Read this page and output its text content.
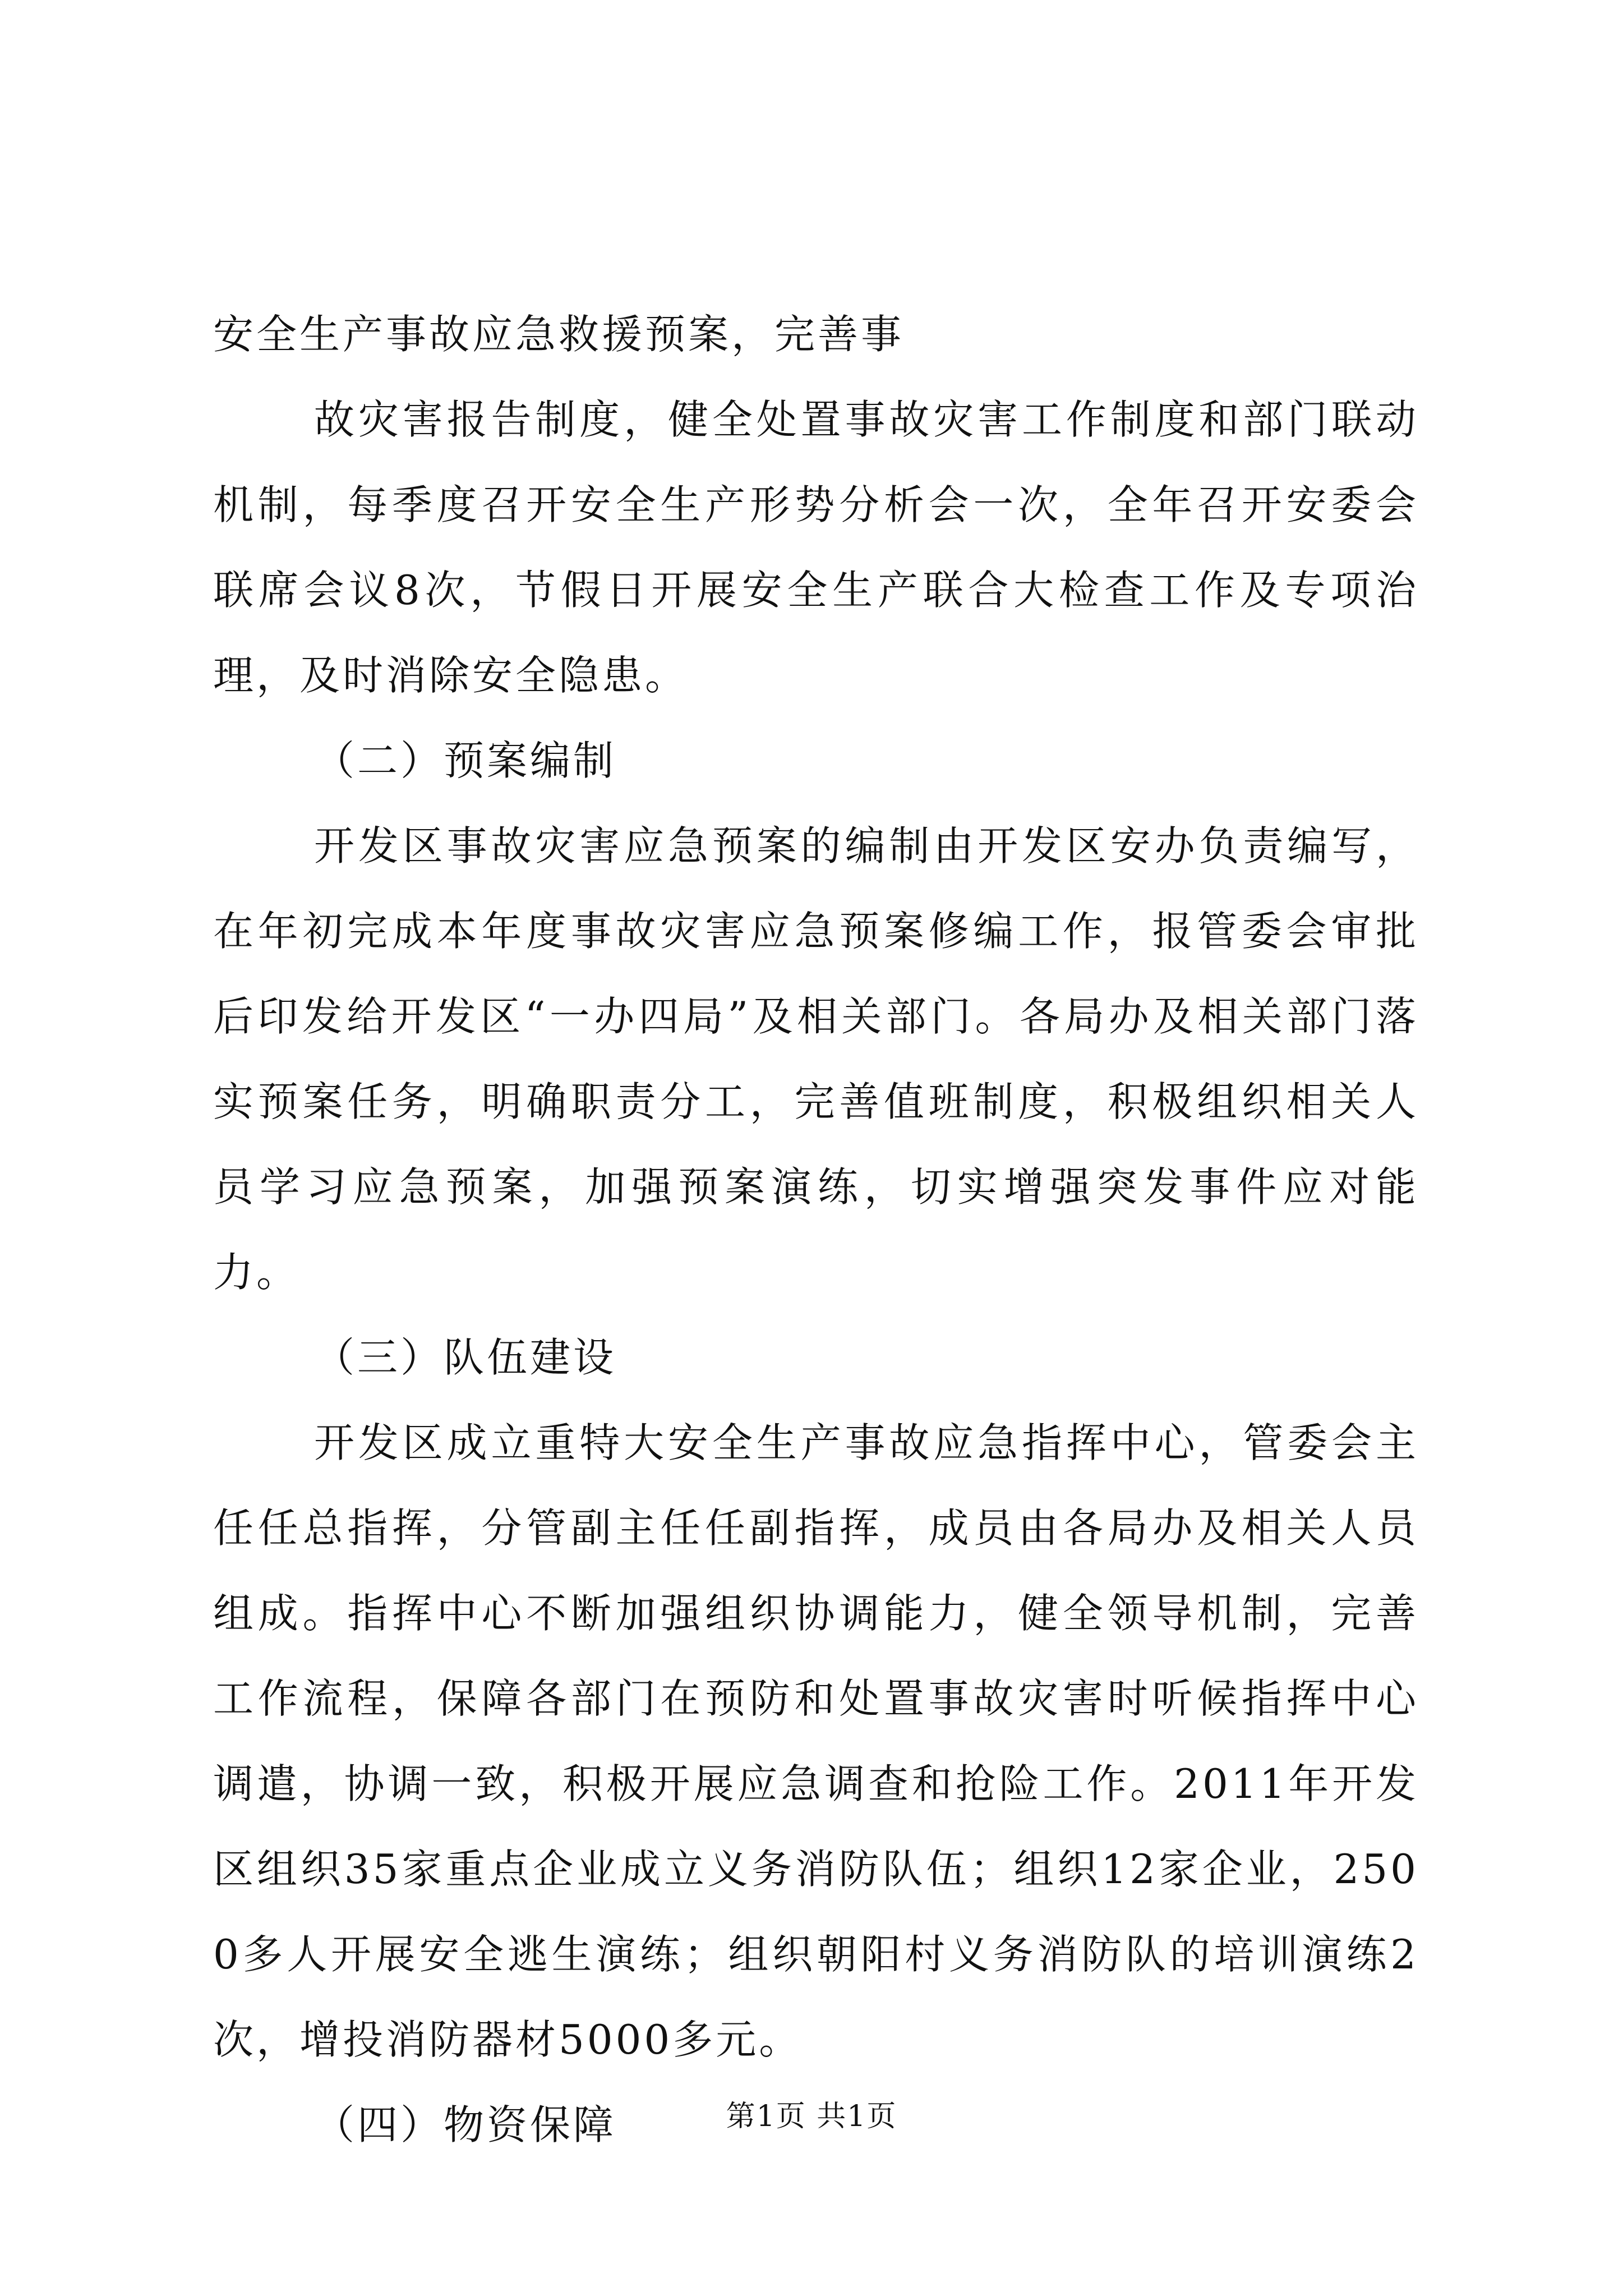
安全生产事故应急救援预案，完善事

故灾害报告制度，健全处置事故灾害工作制度和部门联动机制，每季度召开安全生产形势分析会一次，全年召开安委会联席会议8次，节假日开展安全生产联合大检查工作及专项治理，及时消除安全隐患。

（二）预案编制

开发区事故灾害应急预案的编制由开发区安办负责编写，在年初完成本年度事故灾害应急预案修编工作，报管委会审批后印发给开发区“一办四局”及相关部门。各局办及相关部门落实预案任务，明确职责分工，完善值班制度，积极组织相关人员学习应急预案，加强预案演练，切实增强突发事件应对能力。

（三）队伍建设

开发区成立重特大安全生产事故应急指挥中心，管委会主任任总指挥，分管副主任任副指挥，成员由各局办及相关人员组成。指挥中心不断加强组织协调能力，健全领导机制，完善工作流程，保障各部门在预防和处置事故灾害时听候指挥中心调遣，协调一致，积极开展应急调查和抢险工作。2011年开发区组织35家重点企业成立义务消防队伍；组织12家企业，2500多人开展安全逃生演练；组织朝阳村义务消防队的培训演练2次，增投消防器材5000多元。

（四）物资保障	第1页 共1页
